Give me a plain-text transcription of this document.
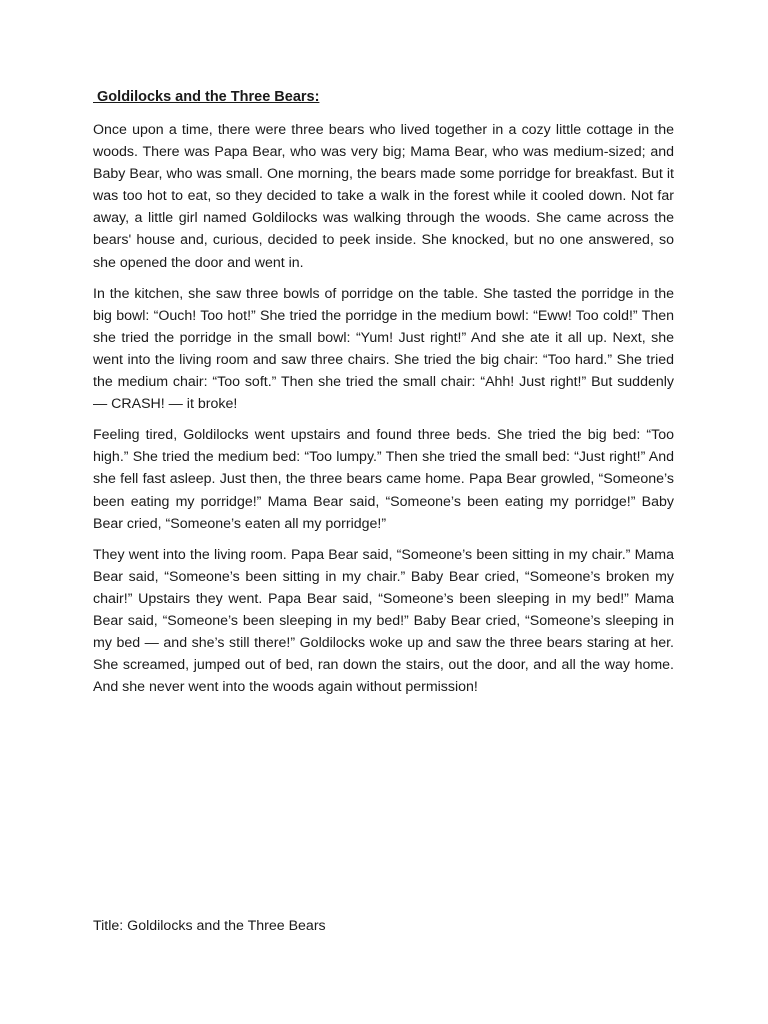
Goldilocks and the Three Bears:

Once upon a time, there were three bears who lived together in a cozy little cottage in the woods. There was Papa Bear, who was very big; Mama Bear, who was medium-sized; and Baby Bear, who was small. One morning, the bears made some porridge for breakfast. But it was too hot to eat, so they decided to take a walk in the forest while it cooled down. Not far away, a little girl named Goldilocks was walking through the woods. She came across the bears' house and, curious, decided to peek inside. She knocked, but no one answered, so she opened the door and went in.

In the kitchen, she saw three bowls of porridge on the table. She tasted the porridge in the big bowl: “Ouch! Too hot!” She tried the porridge in the medium bowl: “Eww! Too cold!” Then she tried the porridge in the small bowl: “Yum! Just right!” And she ate it all up. Next, she went into the living room and saw three chairs. She tried the big chair: “Too hard.” She tried the medium chair: “Too soft.” Then she tried the small chair: “Ahh! Just right!” But suddenly — CRASH! — it broke!

Feeling tired, Goldilocks went upstairs and found three beds. She tried the big bed: “Too high.” She tried the medium bed: “Too lumpy.” Then she tried the small bed: “Just right!” And she fell fast asleep. Just then, the three bears came home. Papa Bear growled, “Someone’s been eating my porridge!” Mama Bear said, “Someone’s been eating my porridge!” Baby Bear cried, “Someone’s eaten all my porridge!”

They went into the living room. Papa Bear said, “Someone’s been sitting in my chair.” Mama Bear said, “Someone’s been sitting in my chair.” Baby Bear cried, “Someone’s broken my chair!” Upstairs they went. Papa Bear said, “Someone’s been sleeping in my bed!” Mama Bear said, “Someone’s been sleeping in my bed!” Baby Bear cried, “Someone’s sleeping in my bed — and she’s still there!” Goldilocks woke up and saw the three bears staring at her. She screamed, jumped out of bed, ran down the stairs, out the door, and all the way home. And she never went into the woods again without permission!

Title: Goldilocks and the Three Bears
